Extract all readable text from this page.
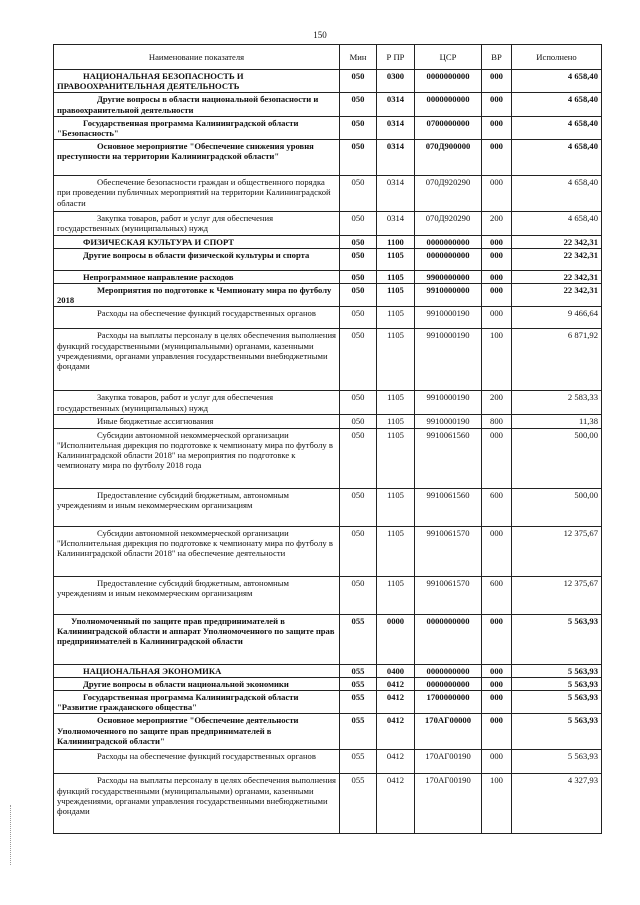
150
Наименование показателя	Мин	Р ПР	ЦСР	ВР	Исполнено
НАЦИОНАЛЬНАЯ БЕЗОПАСНОСТЬ И ПРАВООХРАНИТЕЛЬНАЯ ДЕЯТЕЛЬНОСТЬ	050	0300	0000000000	000	4 658,40
Другие вопросы в области национальной безопасности и правоохранительной деятельности	050	0314	0000000000	000	4 658,40
Государственная программа Калининградской области "Безопасность"	050	0314	0700000000	000	4 658,40
Основное мероприятие "Обеспечение снижения уровня преступности на территории Калининградской области"	050	0314	070Д900000	000	4 658,40
Обеспечение безопасности граждан и общественного порядка при проведении публичных мероприятий на территории Калининградской области	050	0314	070Д920290	000	4 658,40
Закупка товаров, работ и услуг для обеспечения государственных (муниципальных) нужд	050	0314	070Д920290	200	4 658,40
ФИЗИЧЕСКАЯ КУЛЬТУРА И СПОРТ	050	1100	0000000000	000	22 342,31
Другие вопросы в области физической культуры и спорта	050	1105	0000000000	000	22 342,31
Непрограммное направление расходов	050	1105	9900000000	000	22 342,31
Мероприятия по подготовке к Чемпионату мира по футболу 2018	050	1105	9910000000	000	22 342,31
Расходы на обеспечение функций государственных органов	050	1105	9910000190	000	9 466,64
Расходы на выплаты персоналу в целях обеспечения выполнения функций государственными (муниципальными) органами, казенными учреждениями, органами управления государственными внебюджетными фондами	050	1105	9910000190	100	6 871,92
Закупка товаров, работ и услуг для обеспечения государственных (муниципальных) нужд	050	1105	9910000190	200	2 583,33
Иные бюджетные ассигнования	050	1105	9910000190	800	11,38
Субсидии автономной некоммерческой организации "Исполнительная дирекция по подготовке к чемпионату мира по футболу в Калининградской области 2018" на мероприятия по подготовке к чемпионату мира по футболу 2018 года	050	1105	9910061560	000	500,00
Предоставление субсидий бюджетным, автономным учреждениям и иным некоммерческим организациям	050	1105	9910061560	600	500,00
Субсидии автономной некоммерческой организации "Исполнительная дирекция по подготовке к чемпионату мира по футболу в Калининградской области 2018" на обеспечение деятельности	050	1105	9910061570	000	12 375,67
Предоставление субсидий бюджетным, автономным учреждениям и иным некоммерческим организациям	050	1105	9910061570	600	12 375,67
Уполномоченный по защите прав предпринимателей в Калининградской области и аппарат Уполномоченного по защите прав предпринимателей в Калининградской области	055	0000	0000000000	000	5 563,93
НАЦИОНАЛЬНАЯ ЭКОНОМИКА	055	0400	0000000000	000	5 563,93
Другие вопросы в области национальной экономики	055	0412	0000000000	000	5 563,93
Государственная программа Калининградской области "Развитие гражданского общества"	055	0412	1700000000	000	5 563,93
Основное мероприятие "Обеспечение деятельности Уполномоченного по защите прав предпринимателей в Калининградской области"	055	0412	170АГ00000	000	5 563,93
Расходы на обеспечение функций государственных органов	055	0412	170АГ00190	000	5 563,93
Расходы на выплаты персоналу в целях обеспечения выполнения функций государственными (муниципальными) органами, казенными учреждениями, органами управления государственными внебюджетными фондами	055	0412	170АГ00190	100	4 327,93
